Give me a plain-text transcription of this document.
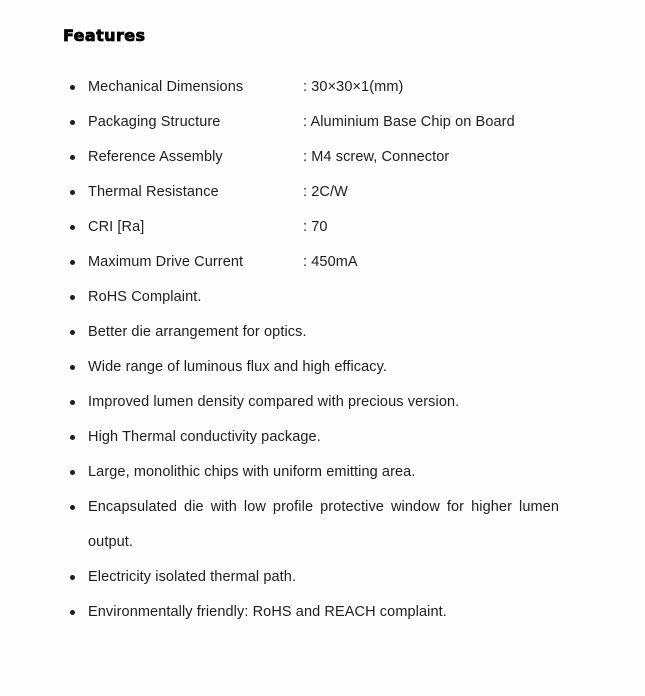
Features
Mechanical Dimensions	: 30×30×1(mm)
Packaging Structure	: Aluminium Base Chip on Board
Reference Assembly	: M4 screw, Connector
Thermal Resistance	: 2C/W
CRI [Ra]	: 70
Maximum Drive Current	: 450mA
RoHS Complaint.
Better die arrangement for optics.
Wide range of luminous flux and high efficacy.
Improved lumen density compared with precious version.
High Thermal conductivity package.
Large, monolithic chips with uniform emitting area.
Encapsulated die with low profile protective window for higher lumen output.
Electricity isolated thermal path.
Environmentally friendly: RoHS and REACH complaint.
